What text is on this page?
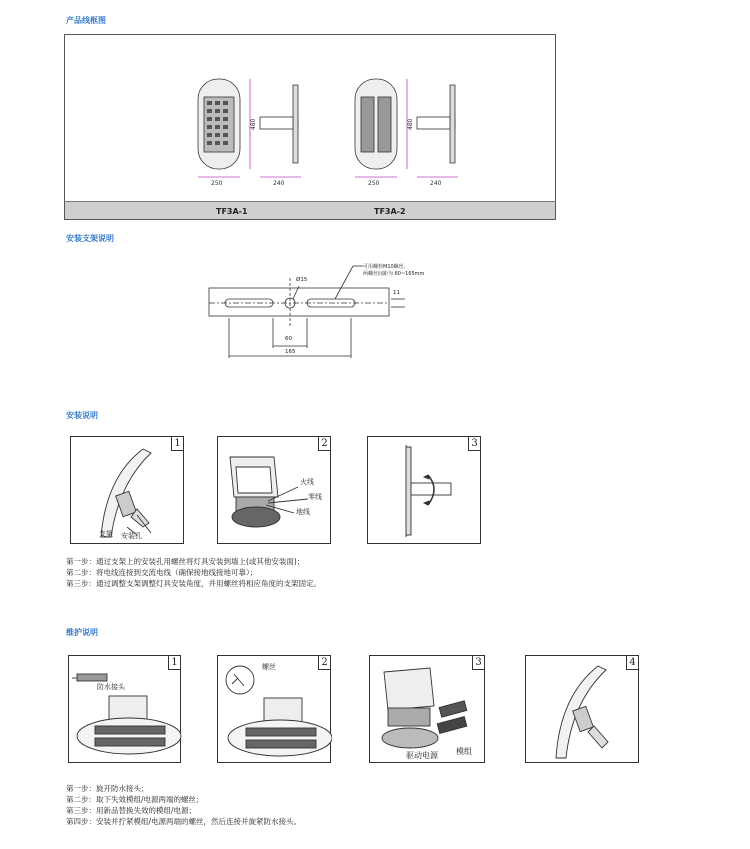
产品线框图
250
480
240	250
480
240
TF3A-1	TF3A-2
安装支架说明
Ø15
可用螺栓M10螺丝,
两螺丝间距为 60~165mm
11
60
165
安装说明
1
支架 安装孔
2
火线
零线
地线
3
第一步：通过支架上的安装孔用螺丝将灯具安装到墙上(或其他安装面)；
第二步：将电线连接到交流电线（确保接地线接地可靠）；
第三步：通过调整支架调整灯具安装角度，并用螺丝将相应角度的支架固定。
维护说明
1
防水接头
2
螺丝	3
驱动电源 模组
4
第一步：旋开防水接头；
第二步：取下失效模组/电源两端的螺丝；
第三步：用新品替换失效的模组/电源；
第四步：安装并拧紧模组/电源两端的螺丝，然后连接并旋紧防水接头。
